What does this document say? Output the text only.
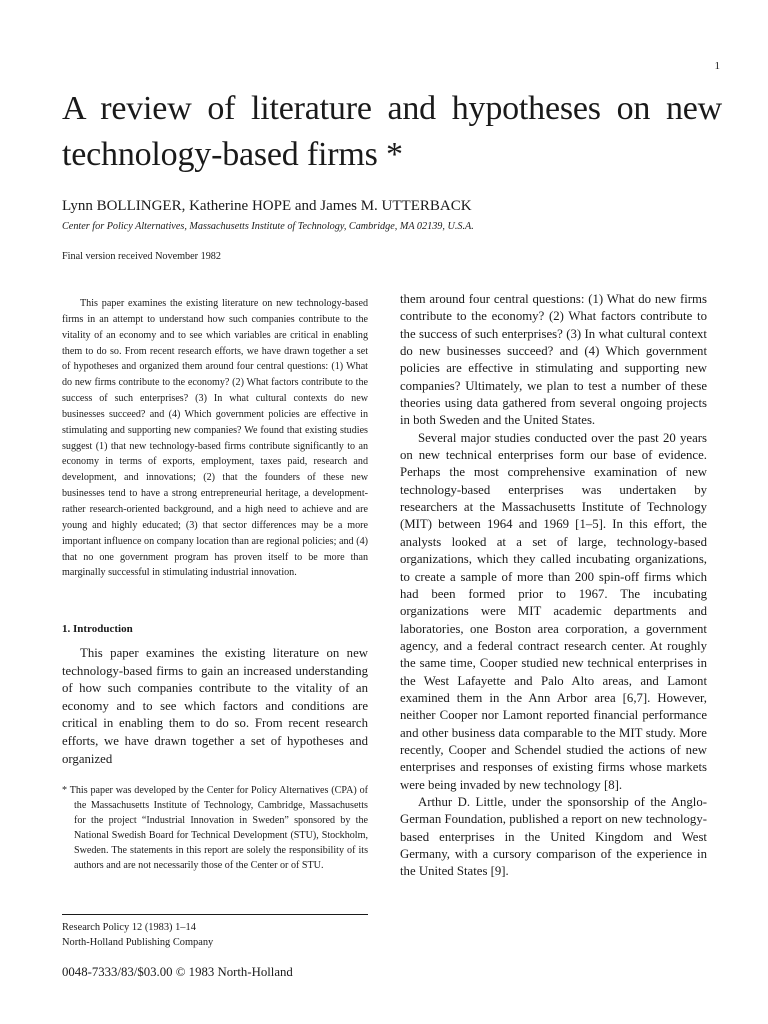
1
A review of literature and hypotheses on new technology-based firms *
Lynn BOLLINGER, Katherine HOPE and James M. UTTERBACK
Center for Policy Alternatives, Massachusetts Institute of Technology, Cambridge, MA 02139, U.S.A.
Final version received November 1982

This paper examines the existing literature on new technology-based firms in an attempt to understand how such companies contribute to the vitality of an economy and to see which variables are critical in enabling them to do so. From recent research efforts, we have drawn together a set of hypotheses and organized them around four central questions: (1) What do new firms contribute to the economy? (2) What factors contribute to the success of such enterprises? (3) In what cultural contexts do new businesses succeed? and (4) Which government policies are effective in stimulating and supporting new companies? We found that existing studies suggest (1) that new technology-based firms contribute significantly to an economy in terms of exports, employment, taxes paid, research and development, and innovations; (2) that the founders of these new businesses tend to have a strong entrepreneurial heritage, a development- rather research-oriented background, and a high need to achieve and are young and highly educated; (3) that sector differences may be a more important influence on company location than are regional policies; and (4) that no one government program has proven itself to be more than marginally successful in stimulating industrial innovation.

1. Introduction

This paper examines the existing literature on new technology-based firms to gain an increased understanding of how such companies contribute to the vitality of an economy and to see which factors and conditions are critical in enabling them to do so. From recent research efforts, we have drawn together a set of hypotheses and organized

* This paper was developed by the Center for Policy Alternatives (CPA) of the Massachusetts Institute of Technology, Cambridge, Massachusetts for the project “Industrial Innovation in Sweden” sponsored by the National Swedish Board for Technical Development (STU), Stockholm, Sweden. The statements in this report are solely the responsibility of its authors and are not necessarily those of the Center or of STU.

Research Policy 12 (1983) 1–14
North-Holland Publishing Company
0048-7333/83/$03.00 © 1983 North-Holland

them around four central questions: (1) What do new firms contribute to the economy? (2) What factors contribute to the success of such enterprises? (3) In what cultural context do new businesses succeed? and (4) Which government policies are effective in stimulating and supporting new companies? Ultimately, we plan to test a number of these theories using data gathered from several ongoing projects in both Sweden and the United States.

Several major studies conducted over the past 20 years on new technical enterprises form our base of evidence. Perhaps the most comprehensive examination of new technology-based enterprises was undertaken by researchers at the Massachusetts Institute of Technology (MIT) between 1964 and 1969 [1–5]. In this effort, the analysts looked at a set of large, technology-based organizations, which they called incubating organizations, to create a sample of more than 200 spin-off firms which had been formed prior to 1967. The incubating organizations were MIT academic departments and laboratories, one Boston area corporation, a government agency, and a federal contract research center. At roughly the same time, Cooper studied new technical enterprises in the West Lafayette and Palo Alto areas, and Lamont examined them in the Ann Arbor area [6,7]. However, neither Cooper nor Lamont reported financial performance and other business data comparable to the MIT study. More recently, Cooper and Schendel studied the actions of new enterprises and responses of existing firms whose markets were being invaded by new technology [8].

Arthur D. Little, under the sponsorship of the Anglo-German Foundation, published a report on new technology-based enterprises in the United Kingdom and West Germany, with a cursory comparison of the experience in the United States [9].
